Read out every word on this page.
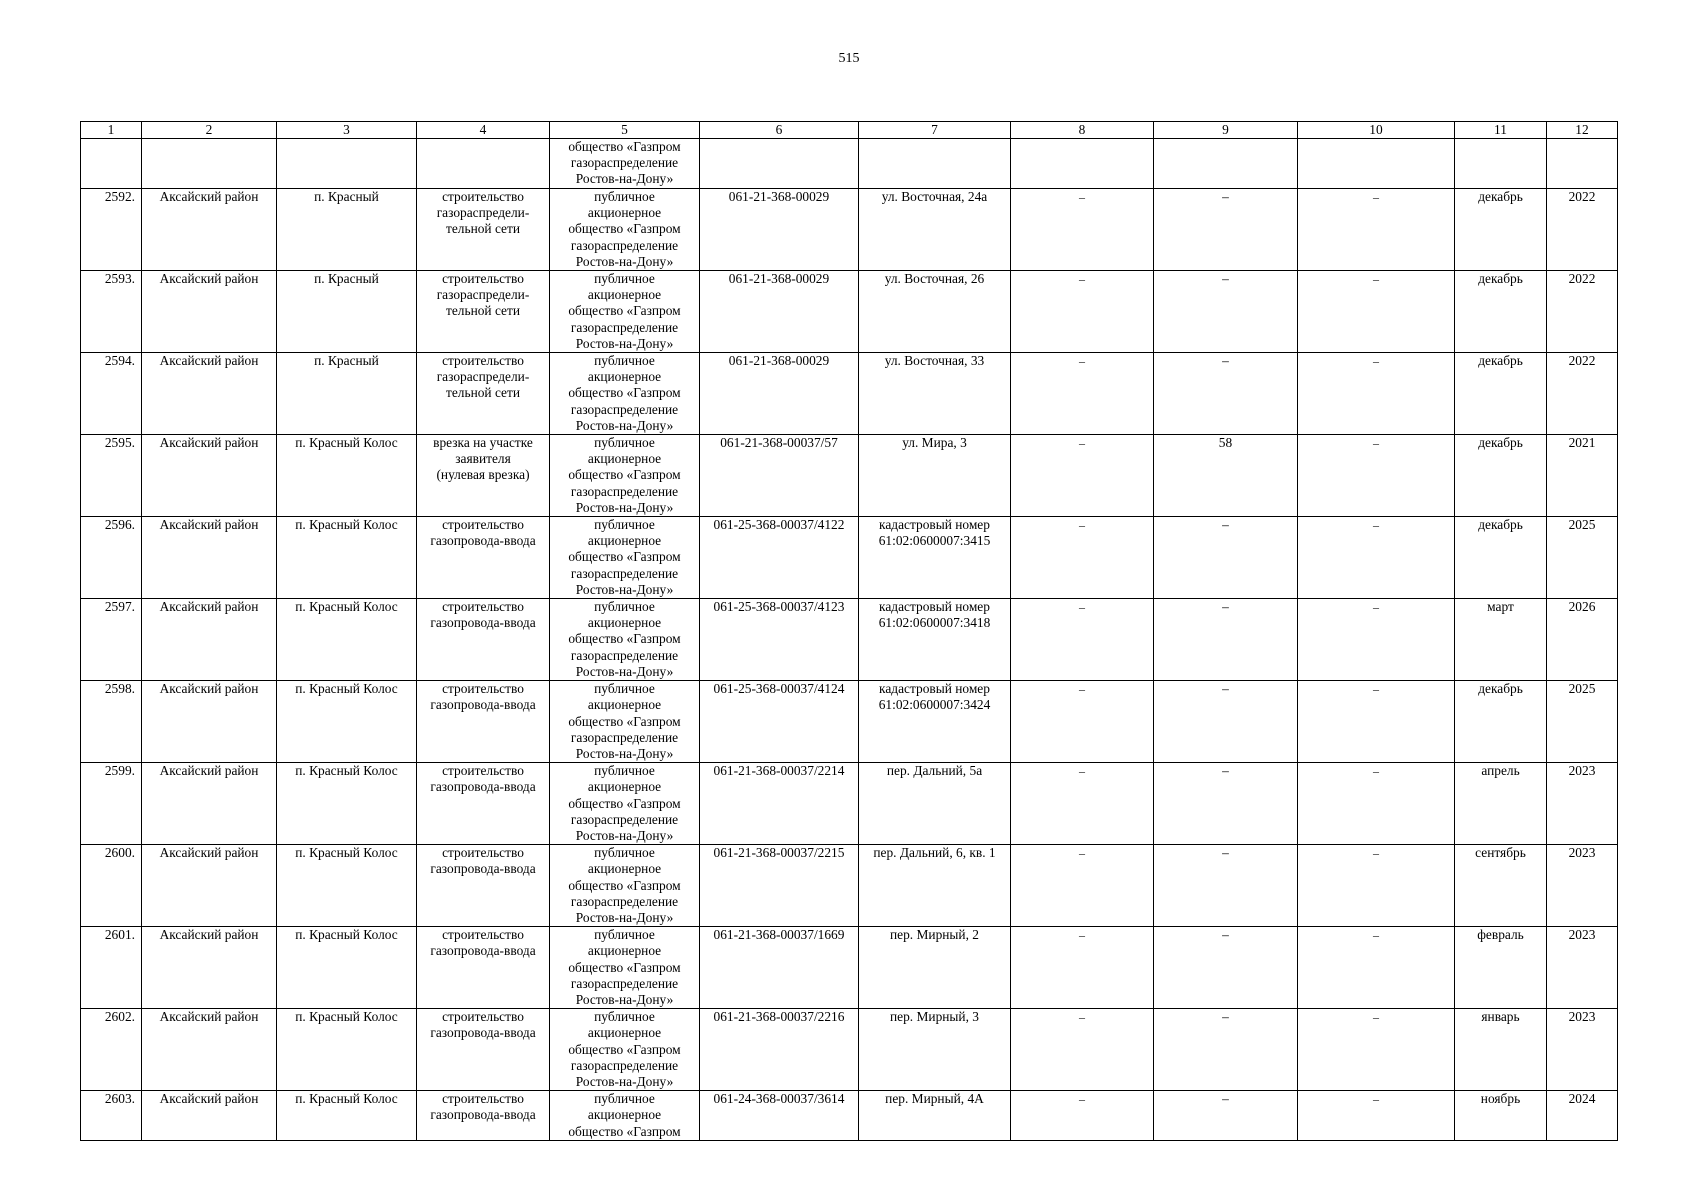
515
1	2	3	4	5	6	7	8	9	10	11	12

				общество «Газпром
газораспределение
Ростов-на-Дону»							

2592.	Аксайский район	п. Красный	строительство
газораспредели-
тельной сети	публичное
акционерное
общество «Газпром
газораспределение
Ростов-на-Дону»	061-21-368-00029	ул. Восточная, 24а	–	–	–	декабрь	2022
2593.	Аксайский район	п. Красный	строительство
газораспредели-
тельной сети	публичное
акционерное
общество «Газпром
газораспределение
Ростов-на-Дону»	061-21-368-00029	ул. Восточная, 26	–	–	–	декабрь	2022
2594.	Аксайский район	п. Красный	строительство
газораспредели-
тельной сети	публичное
акционерное
общество «Газпром
газораспределение
Ростов-на-Дону»	061-21-368-00029	ул. Восточная, 33	–	–	–	декабрь	2022
2595.	Аксайский район	п. Красный Колос	врезка на участке
заявителя
(нулевая врезка)	публичное
акционерное
общество «Газпром
газораспределение
Ростов-на-Дону»	061-21-368-00037/57	ул. Мира, 3	–	58	–	декабрь	2021
2596.	Аксайский район	п. Красный Колос	строительство
газопровода-ввода	публичное
акционерное
общество «Газпром
газораспределение
Ростов-на-Дону»	061-25-368-00037/4122	кадастровый номер
61:02:0600007:3415	–	–	–	декабрь	2025
2597.	Аксайский район	п. Красный Колос	строительство
газопровода-ввода	публичное
акционерное
общество «Газпром
газораспределение
Ростов-на-Дону»	061-25-368-00037/4123	кадастровый номер
61:02:0600007:3418	–	–	–	март	2026
2598.	Аксайский район	п. Красный Колос	строительство
газопровода-ввода	публичное
акционерное
общество «Газпром
газораспределение
Ростов-на-Дону»	061-25-368-00037/4124	кадастровый номер
61:02:0600007:3424	–	–	–	декабрь	2025
2599.	Аксайский район	п. Красный Колос	строительство
газопровода-ввода	публичное
акционерное
общество «Газпром
газораспределение
Ростов-на-Дону»	061-21-368-00037/2214	пер. Дальний, 5а	–	–	–	апрель	2023
2600.	Аксайский район	п. Красный Колос	строительство
газопровода-ввода	публичное
акционерное
общество «Газпром
газораспределение
Ростов-на-Дону»	061-21-368-00037/2215	пер. Дальний, 6, кв. 1	–	–	–	сентябрь	2023
2601.	Аксайский район	п. Красный Колос	строительство
газопровода-ввода	публичное
акционерное
общество «Газпром
газораспределение
Ростов-на-Дону»	061-21-368-00037/1669	пер. Мирный, 2	–	–	–	февраль	2023
2602.	Аксайский район	п. Красный Колос	строительство
газопровода-ввода	публичное
акционерное
общество «Газпром
газораспределение
Ростов-на-Дону»	061-21-368-00037/2216	пер. Мирный, 3	–	–	–	январь	2023
2603.	Аксайский район	п. Красный Колос	строительство
газопровода-ввода	публичное
акционерное
общество «Газпром	061-24-368-00037/3614	пер. Мирный, 4А	–	–	–	ноябрь	2024
